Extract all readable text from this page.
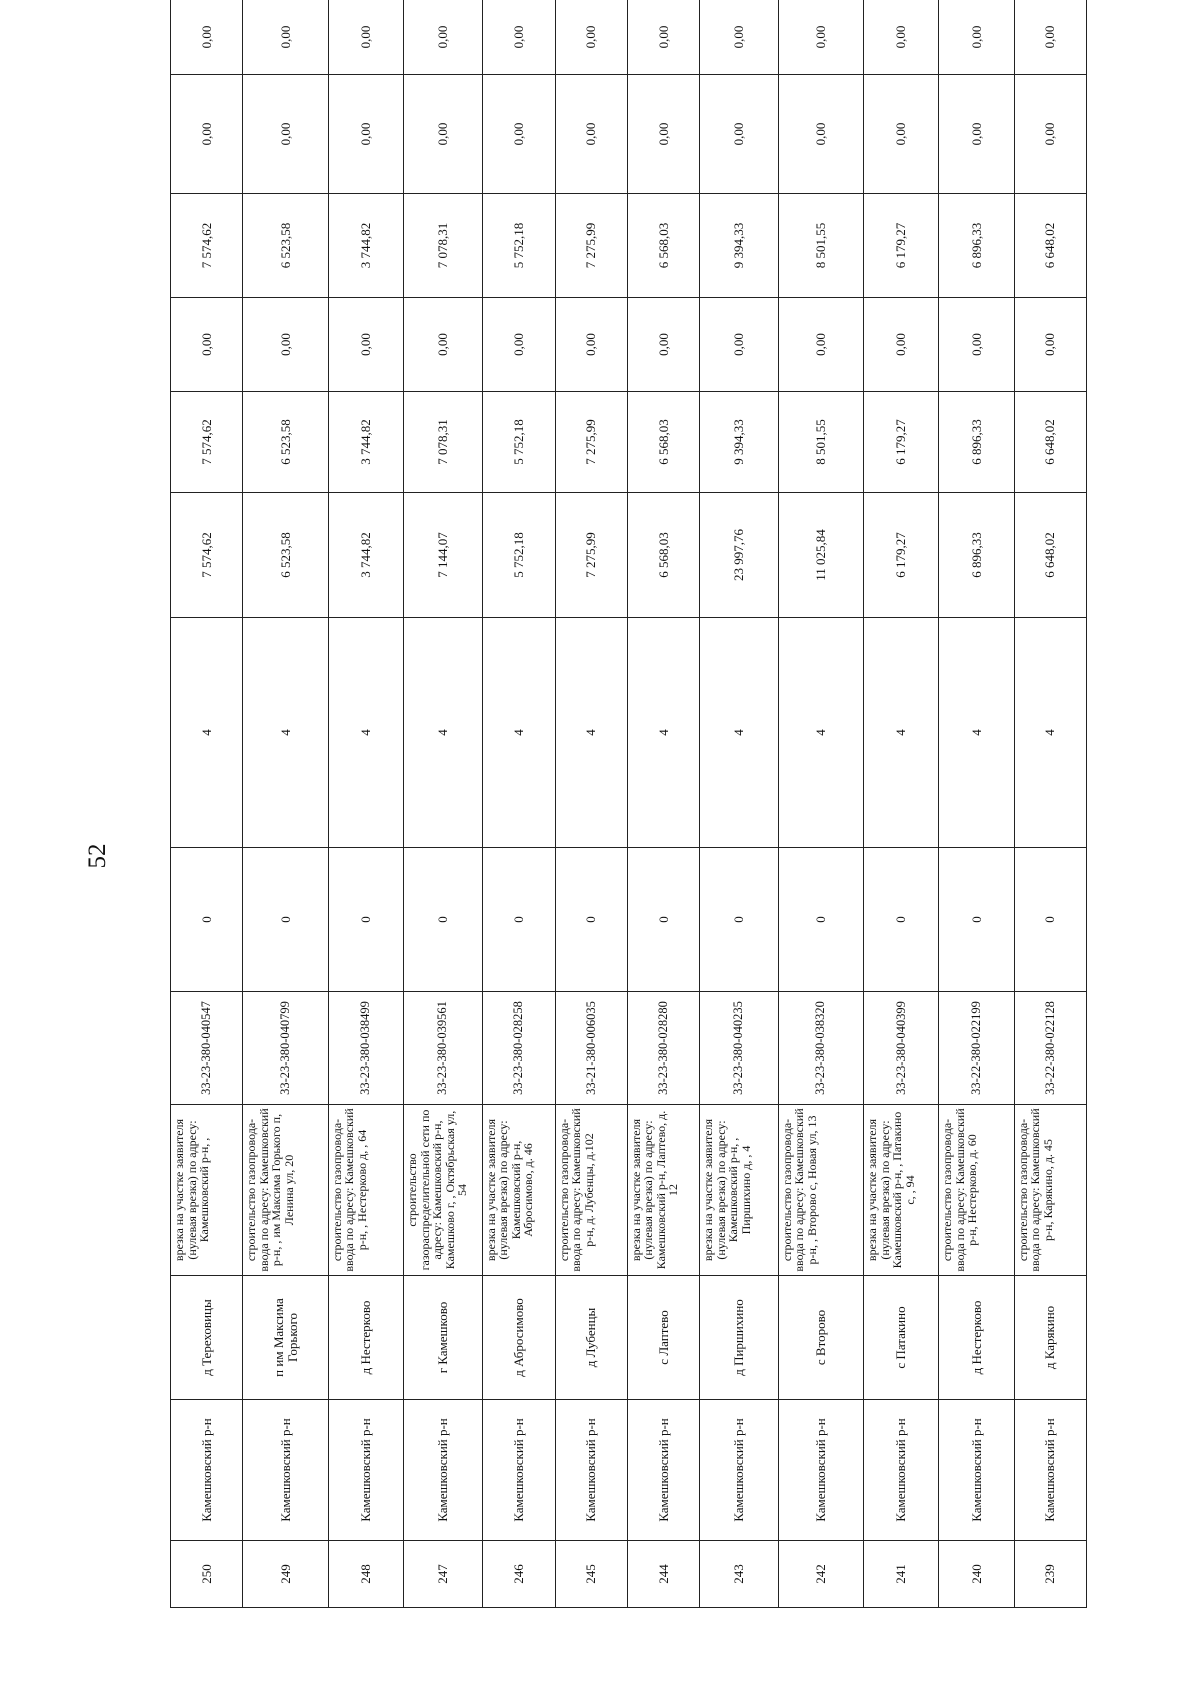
52
250	Камешковский р-н	д Тереховицы	врезка на участке заявителя (нулевая врезка) по адресу: Камешковский р-н, ,	33-23-380-040547	0	4	7 574,62	7 574,62	0,00	7 574,62	0,00	0,00
249	Камешковский р-н	п им Максима Горького	строительство газопровода-ввода по адресу: Камешковский р-н, , им Максима Горького п, Ленина ул, 20	33-23-380-040799	0	4	6 523,58	6 523,58	0,00	6 523,58	0,00	0,00
248	Камешковский р-н	д Нестерково	строительство газопровода-ввода по адресу: Камешковский р-н, , Нестерково д, , 64	33-23-380-038499	0	4	3 744,82	3 744,82	0,00	3 744,82	0,00	0,00
247	Камешковский р-н	г Камешково	строительство газораспределительной сети по адресу: Камешковский р-н, Камешково г, , Октябрьская ул, 54	33-23-380-039561	0	4	7 144,07	7 078,31	0,00	7 078,31	0,00	0,00
246	Камешковский р-н	д Абросимово	врезка на участке заявителя (нулевая врезка) по адресу: Камешковский р-н, Абросимово, д. 46	33-23-380-028258	0	4	5 752,18	5 752,18	0,00	5 752,18	0,00	0,00
245	Камешковский р-н	д Лубенцы	строительство газопровода-ввода по адресу: Камешковский р-н, д. Лубенцы, д.102	33-21-380-006035	0	4	7 275,99	7 275,99	0,00	7 275,99	0,00	0,00
244	Камешковский р-н	с Лаптево	врезка на участке заявителя (нулевая врезка) по адресу: Камешковский р-н, Лаптево, д. 12	33-23-380-028280	0	4	6 568,03	6 568,03	0,00	6 568,03	0,00	0,00
243	Камешковский р-н	д Пиршихино	врезка на участке заявителя (нулевая врезка) по адресу: Камешковский р-н, , Пиршихино д, , 4	33-23-380-040235	0	4	23 997,76	9 394,33	0,00	9 394,33	0,00	0,00
242	Камешковский р-н	с Второво	строительство газопровода-ввода по адресу: Камешковский р-н, , Второво с, Новая ул, 13	33-23-380-038320	0	4	11 025,84	8 501,55	0,00	8 501,55	0,00	0,00
241	Камешковский р-н	с Патакино	врезка на участке заявителя (нулевая врезка) по адресу: Камешковский р-н, , Патакино с, , 94	33-23-380-040399	0	4	6 179,27	6 179,27	0,00	6 179,27	0,00	0,00
240	Камешковский р-н	д Нестерково	строительство газопровода-ввода по адресу: Камешковский р-н, Нестерково, д. 60	33-22-380-022199	0	4	6 896,33	6 896,33	0,00	6 896,33	0,00	0,00
239	Камешковский р-н	д Карякино	строительство газопровода-ввода по адресу: Камешковский р-н, Карякино, д. 45	33-22-380-022128	0	4	6 648,02	6 648,02	0,00	6 648,02	0,00	0,00
